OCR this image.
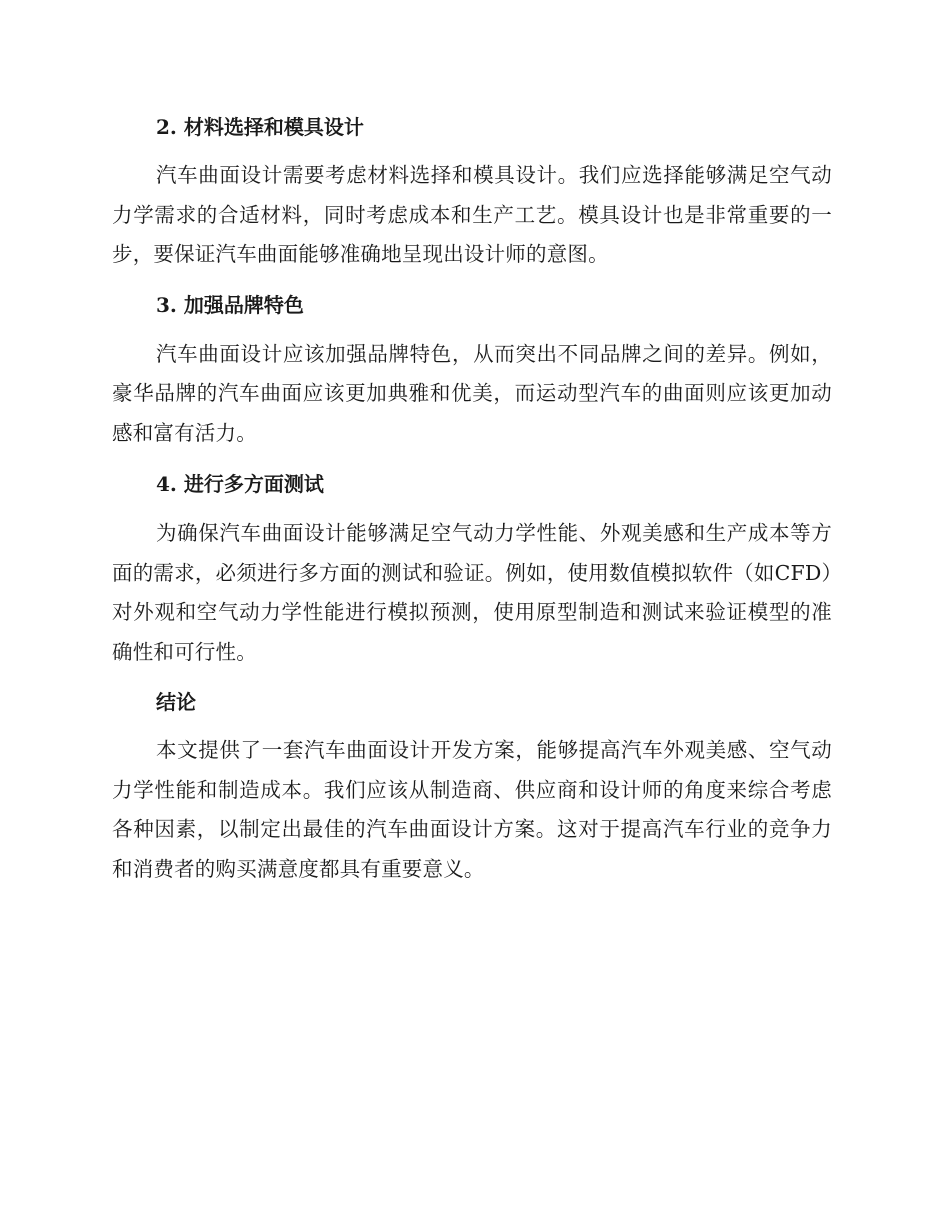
2. 材料选择和模具设计

汽车曲面设计需要考虑材料选择和模具设计。我们应选择能够满足空气动力学需求的合适材料，同时考虑成本和生产工艺。模具设计也是非常重要的一步，要保证汽车曲面能够准确地呈现出设计师的意图。

3. 加强品牌特色

汽车曲面设计应该加强品牌特色，从而突出不同品牌之间的差异。例如，豪华品牌的汽车曲面应该更加典雅和优美，而运动型汽车的曲面则应该更加动感和富有活力。

4. 进行多方面测试

为确保汽车曲面设计能够满足空气动力学性能、外观美感和生产成本等方面的需求，必须进行多方面的测试和验证。例如，使用数值模拟软件（如CFD）对外观和空气动力学性能进行模拟预测，使用原型制造和测试来验证模型的准确性和可行性。

结论

本文提供了一套汽车曲面设计开发方案，能够提高汽车外观美感、空气动力学性能和制造成本。我们应该从制造商、供应商和设计师的角度来综合考虑各种因素，以制定出最佳的汽车曲面设计方案。这对于提高汽车行业的竞争力和消费者的购买满意度都具有重要意义。
